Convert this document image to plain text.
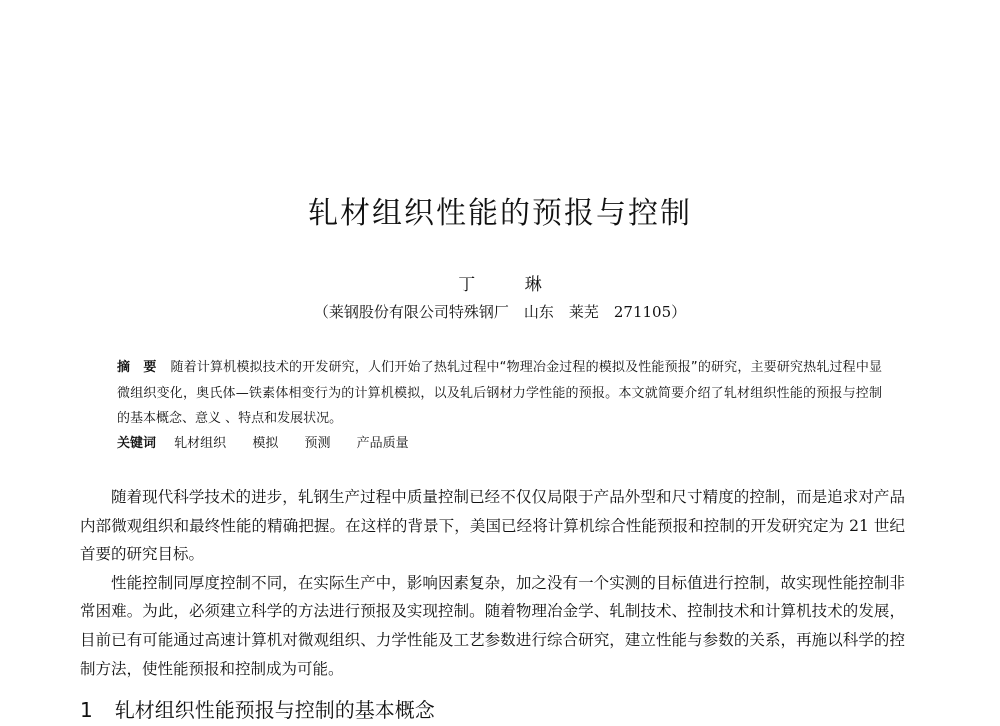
轧材组织性能的预报与控制
丁 琳
（莱钢股份有限公司特殊钢厂　山东　莱芜　271105）
摘　要 随着计算机模拟技术的开发研究，人们开始了热轧过程中“物理冶金过程的模拟及性能预报”的研究，主要研究热轧过程中显微组织变化，奥氏体—铁素体相变行为的计算机模拟，以及轧后钢材力学性能的预报。本文就简要介绍了轧材组织性能的预报与控制的基本概念、意义 、特点和发展状况。
关键词 轧材组织 模拟 预测 产品质量

随着现代科学技术的进步，轧钢生产过程中质量控制已经不仅仅局限于产品外型和尺寸精度的控制，而是追求对产品内部微观组织和最终性能的精确把握。在这样的背景下，美国已经将计算机综合性能预报和控制的开发研究定为 21 世纪首要的研究目标。

性能控制同厚度控制不同，在实际生产中，影响因素复杂，加之没有一个实测的目标值进行控制，故实现性能控制非常困难。为此，必须建立科学的方法进行预报及实现控制。随着物理冶金学、轧制技术、控制技术和计算机技术的发展，目前已有可能通过高速计算机对微观组织、力学性能及工艺参数进行综合研究，建立性能与参数的关系，再施以科学的控制方法，使性能预报和控制成为可能。

1 轧材组织性能预报与控制的基本概念
